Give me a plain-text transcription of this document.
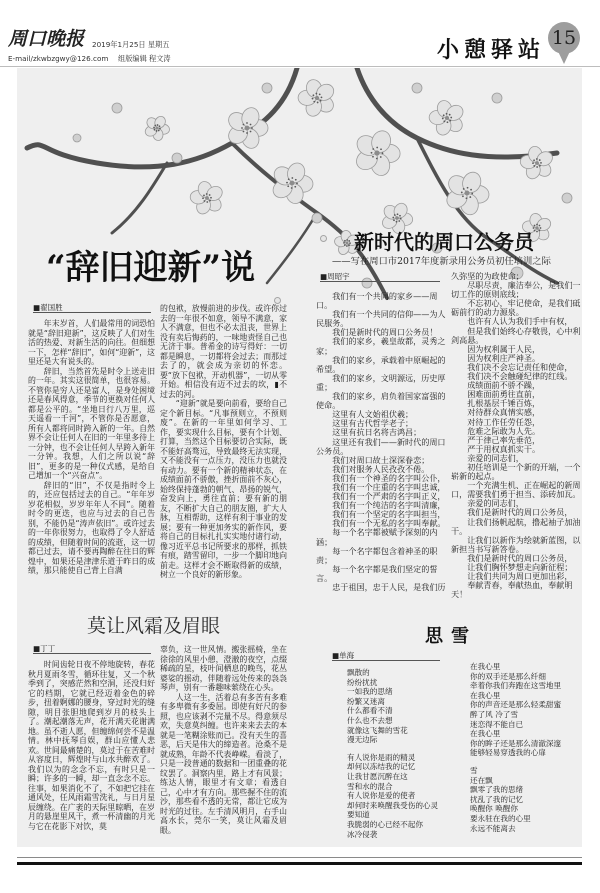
周口晚报 2019年1月25日 星期五
E-mail/zkwbzgwy@126.com 组版编辑 程文涛	小憩驿站 15
“辞旧迎新”说
■翟国胜

年末岁首，人们最常用的词恐怕就是“辞旧迎新”，这反映了人们对生活的热爱、对新生活的向往。但细想一下，怎样“辞旧”，如何“迎新”，这里还是大有说头的。

辞旧，当然首先是时令上送走旧的一年。其实这很简单，也很容易。不管你是穷人还是富人，是身处困境还是春风得意，季节的更换对任何人都是公平的。“坐地日行八万里，巡天遥看一千河”，不管你是否愿意，所有人都将同时跨入新的一年。自然界不会让任何人在旧的一年里多待上一分钟，也不会让任何人早跨入新年一分钟。我想，人们之所以说“辞旧”，更多的是一种仪式感，是给自己增加一个“兴奋点”。

辞旧的“旧”，不仅是指时令上的，还应包括过去的自己。“年年岁岁花相似，岁岁年年人不同”。随着时令的更迭，也应与过去的自己告别，不能仍是“涛声依旧”。或许过去的一年你很努力，也取得了令人舒适的成绩，但随着时间的流逝，这一切都已过去，请不要再陶醉在往日的辉煌中，如果还是津津乐道于昨日的成绩，那只能使自己背上自满

的包袱，放慢前进的步伐。或许你过去的一年很不如意，领导不满意，家人不满意，但也不必太沮丧，世界上没有卖后悔药的，一味地责怪自己也无济于事。普希金的诗写得好：一切都是瞬息，一切都将会过去；而那过去了的，就会成为亲切的怀恋。要“放下包袱，开动机器”，一切从零开始。相信没有迈不过去的坎，▮不过去的河。

“迎新”就是要向前看，要给自己定个新目标。“凡事预则立，不预则废”。在新的一年里如何学习、工作，要实现什么目标，要有个计划、打算，当然这个目标要切合实际，既不能好高骛远，导致最终无法实现，又不能没有一点压力，没压力也就没有动力。要有一个新的精神状态，在成绩面前不骄傲，挫折面前不灰心，始终保持蓬勃的朝气、昂扬的锐气，奋发向上，勇往直前；要有新的朋友，不断扩大自己的朋友圈，扩大人脉，互相帮助，这样有利于事业的发展；要有一种更加务实的新作风，要将自己的目标扎扎实实地付诸行动，像习近平总书记所要求的那样，抓铁有痕，踏雪留印，一步一个脚印地向前走。这样才会不断取得新的成绩，树立一个良好的新形象。

新时代的周口公务员
——写在周口市2017年度新录用公务员初任培训之际
■周昭宇

我们有一个共同的家乡——周口。

我们有一个共同的信仰——为人民服务。

我们是新时代的周口公务员！

我们的家乡，羲皇故都，灵秀之家；

我们的家乡，承载着中原崛起的希望。

我们的家乡，文明源远，历史厚重；

我们的家乡，肩负着国家富强的使命。

这里有人文始祖伏羲；

这里有古代哲学老子；

这里有抗日名将吉鸿昌；

这里还有我们——新时代的周口公务员。

我们对周口故土深深眷恋；

我们对服务人民孜孜不倦。

我们有一个神圣的名字叫公仆，

我们有一个庄重的名字叫忠诚，

我们有一个严肃的名字叫正义，

我们有一个纯洁的名字叫清廉，

我们有一个坚定的名字叫担当，

我们有一个无私的名字叫奉献。

每一个名字都被赋予深刻的内涵；

每一个名字都包含着神圣的职责；

每一个名字都是我们坚定的誓言。

忠于祖国，忠于人民，是我们历

久弥坚的为政使命；

尽职尽责，廉洁奉公，是我们一切工作的原则底线；

不忘初心，牢记使命，是我们砥砺前行的动力源泉。

也许有人认为我们手中有权，

但是我们始终心存敬畏，心中利剑高悬。

因为权利属于人民，

因为权利庄严神圣。

我们决不会忘记责任和使命，

我们决不会触碰纪律的红线。

成绩面前不骄不躁，

困难面前勇往直前，

扎根基层千锤百炼，

对待群众真情实感，

对待工作任劳任怨，

危难之际敢为人先。

严于律己率先垂范，

严于用权真抓实干。

亲爱的同志们，

初任培训是一个新的开端，一个崭新的起点。

一个充满生机、正在崛起的新周口，需要我们勇于担当、添砖加瓦。

亲爱的同志们，

我们是新时代的周口公务员，

让我们扬帆起航，撸起袖子加油干。

让我们以新作为绘就新蓝图，以新担当书写新答卷。

我们是新时代的周口公务员，

让我们胸怀梦想走向新征程；

让我们共同为周口更加出彩，

奉献青春，奉献热血，奉献明天！

莫让风霜及眉眼
■丁丁

时间齿轮日夜不停地旋转，春花秋月夏雨冬雪，循环往复，又一个秋季到了，突感茫然和空洞，还没归好它的档期，它就已经迈着金色的碎步，扭着婀娜的腰身，穿过时光的缝隙，明目张胆地爬到岁月的枝头上了。潮起潮落无声，花开满天花谢满地。虽不逝人愿，但缠绵何尝不是温情。林中抚琴自娱，群山应懂人悲欢。世间最痛楚的，莫过于在苦难时从容度日，辉煌时与山水共醉欢了。我们以为的念念不忘，有时只是一瞬；许多的一瞬，却一直念念不忘。往事，如果消化不了，不如把它挂在通风处，任风雨霜雪洗礼，与日月星辰缠绕。在广袤的天际里晾晒，在岁月的悬崖里风干，煮一杯清幽的月光与它在花影下对饮，莫

辜负，这一世风情。搬张摇椅，坐在徐徐的风里小憩，澄澈的夜空，点缀稀疏的星，枝叶间栖息的晚鸟，花丛婆娑的摇动，伴随着远处传来的袅袅琴声，别有一番趣味萦绕在心头。

人这一生，活着总有多苦有多难有多卑微有多委屈。即使有好尺的参照，也应该剥不完量不尽。得意须尽欢，失意莫纠缠。也许来来去去的本就是一笔糊涂账而已。没有天生的喜恶，后天是伟大的缔造者。沧桑不是就成熟，年龄不代表峥嵘。看淡了，只是一段普通的数据和一团重叠的花纹罢了。洞察内里，路上才有风景；练达人情，眼里才有文章；看透自己，心中才有方向。那些握不住的流沙，那些看不透的无常，都让它成为时光的过往。左手清风明月，右手山高水长，莞尔一笑，莫让风霜及眉眼。

思雪
■单海

飘散的

纷纷扰扰

一如我的思绪

纷繁又迷离

什么都看不清

什么也不去想

就像这飞舞的雪花

漫无边际

有人说你是雨的精灵

却何以冻结我的记忆

让我甘愿沉醉在这

雪和水的混合

有人说你是爱的使者

却何时来唤醒我受伤的心灵

要知道

我脆弱的心已经不起你

冰冷侵袭

在我心里

你的双手还是那么纤细

牵着你我们奔跑在这雪地里

在我心里

你的声音还是那么轻柔甜蜜

醉了风 冷了雪

迷恋得不能自已

在我心里

你的眸子还是那么清澈深邃

能够轻易穿透我的心扉

雪

还在飘

飘零了我的思绪

扰乱了我的记忆

唤醒你 唤醒你

要永驻在我的心里

永远不能离去
